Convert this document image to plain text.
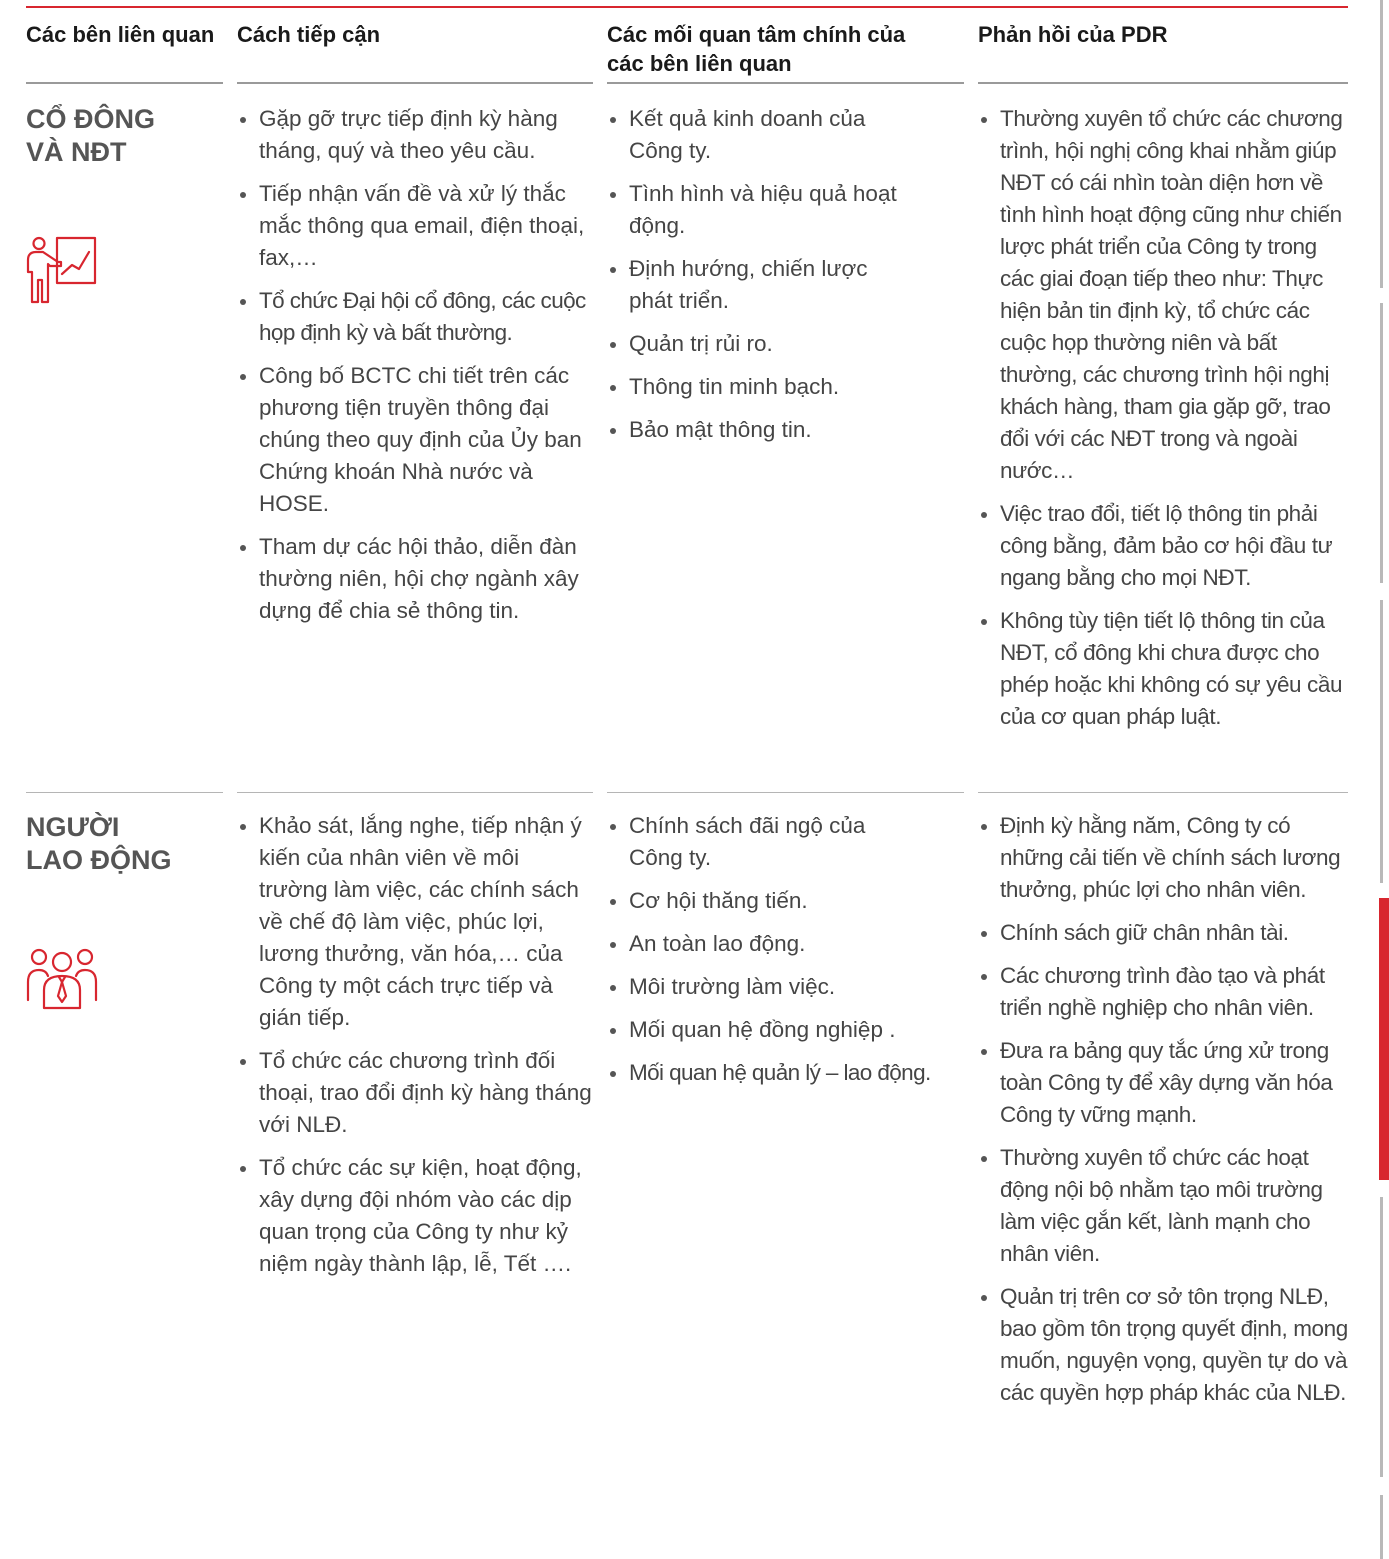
Các bên liên quan Cách tiếp cận	Các mối quan tâm chính của
các bên liên quan
Phản hồi của PDR
CỔ ĐÔNG
VÀ NĐT
Gặp gỡ trực tiếp định kỳ hàng tháng, quý và theo yêu cầu.
Tiếp nhận vấn đề và xử lý thắc mắc thông qua email, điện thoại, fax,…
Tổ chức Đại hội cổ đông, các cuộc họp định kỳ và bất thường.
Công bố BCTC chi tiết trên các phương tiện truyền thông đại chúng theo quy định của Ủy ban Chứng khoán Nhà nước và HOSE.
Tham dự các hội thảo, diễn đàn thường niên, hội chợ ngành xây dựng để chia sẻ thông tin.
Kết quả kinh doanh của Công ty.
Tình hình và hiệu quả hoạt động.
Định hướng, chiến lược phát triển.
Quản trị rủi ro.
Thông tin minh bạch.
Bảo mật thông tin.
Thường xuyên tổ chức các chương trình, hội nghị công khai nhằm giúp NĐT có cái nhìn toàn diện hơn về tình hình hoạt động cũng như chiến lược phát triển của Công ty trong các giai đoạn tiếp theo như: Thực hiện bản tin định kỳ, tổ chức các cuộc họp thường niên và bất thường, các chương trình hội nghị khách hàng, tham gia gặp gỡ, trao đổi với các NĐT trong và ngoài nước…
Việc trao đổi, tiết lộ thông tin phải công bằng, đảm bảo cơ hội đầu tư ngang bằng cho mọi NĐT.
Không tùy tiện tiết lộ thông tin của NĐT, cổ đông khi chưa được cho phép hoặc khi không có sự yêu cầu của cơ quan pháp luật.
NGƯỜI
LAO ĐỘNG
Khảo sát, lắng nghe, tiếp nhận ý kiến của nhân viên về môi trường làm việc, các chính sách về chế độ làm việc, phúc lợi, lương thưởng, văn hóa,… của Công ty một cách trực tiếp và gián tiếp.
Tổ chức các chương trình đối thoại, trao đổi định kỳ hàng tháng với NLĐ.
Tổ chức các sự kiện, hoạt động, xây dựng đội nhóm vào các dịp quan trọng của Công ty như kỷ niệm ngày thành lập, lễ, Tết ….
Chính sách đãi ngộ của Công ty.
Cơ hội thăng tiến.
An toàn lao động.
Môi trường làm việc.
Mối quan hệ đồng nghiệp .
Mối quan hệ quản lý – lao động.
Định kỳ hằng năm, Công ty có những cải tiến về chính sách lương thưởng, phúc lợi cho nhân viên.
Chính sách giữ chân nhân tài.
Các chương trình đào tạo và phát triển nghề nghiệp cho nhân viên.
Đưa ra bảng quy tắc ứng xử trong toàn Công ty để xây dựng văn hóa Công ty vững mạnh.
Thường xuyên tổ chức các hoạt động nội bộ nhằm tạo môi trường làm việc gắn kết, lành mạnh cho nhân viên.
Quản trị trên cơ sở tôn trọng NLĐ, bao gồm tôn trọng quyết định, mong muốn, nguyện vọng, quyền tự do và các quyền hợp pháp khác của NLĐ.
